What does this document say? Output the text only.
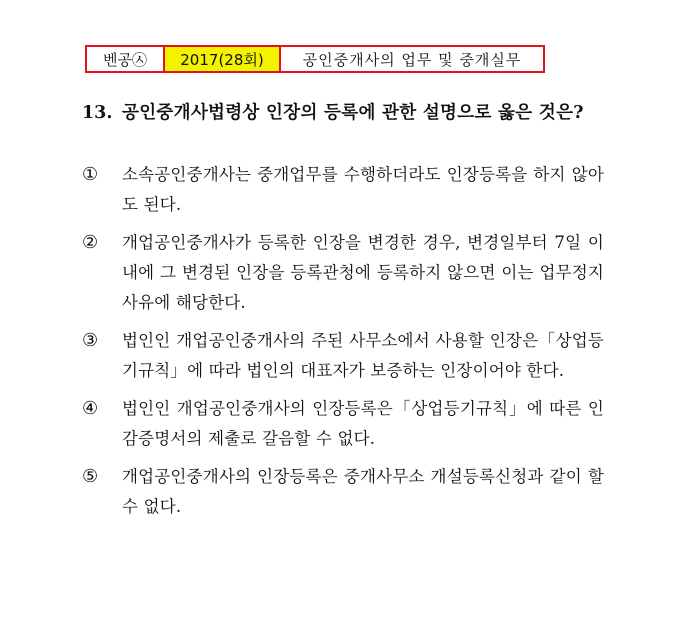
벤공㉦	2017(28회)	공인중개사의 업무 및 중개실무
13. 공인중개사법령상 인장의 등록에 관한 설명으로 옳은 것은?
①	소속공인중개사는 중개업무를 수행하더라도 인장등록을 하지 않아도 된다.
②	개업공인중개사가 등록한 인장을 변경한 경우, 변경일부터 7일 이내에 그 변경된 인장을 등록관청에 등록하지 않으면 이는 업무정지사유에 해당한다.
③	법인인 개업공인중개사의 주된 사무소에서 사용할 인장은「상업등기규칙」에 따라 법인의 대표자가 보증하는 인장이어야 한다.
④	법인인 개업공인중개사의 인장등록은「상업등기규칙」에 따른 인감증명서의 제출로 갈음할 수 없다.
⑤	개업공인중개사의 인장등록은 중개사무소 개설등록신청과 같이 할 수 없다.
